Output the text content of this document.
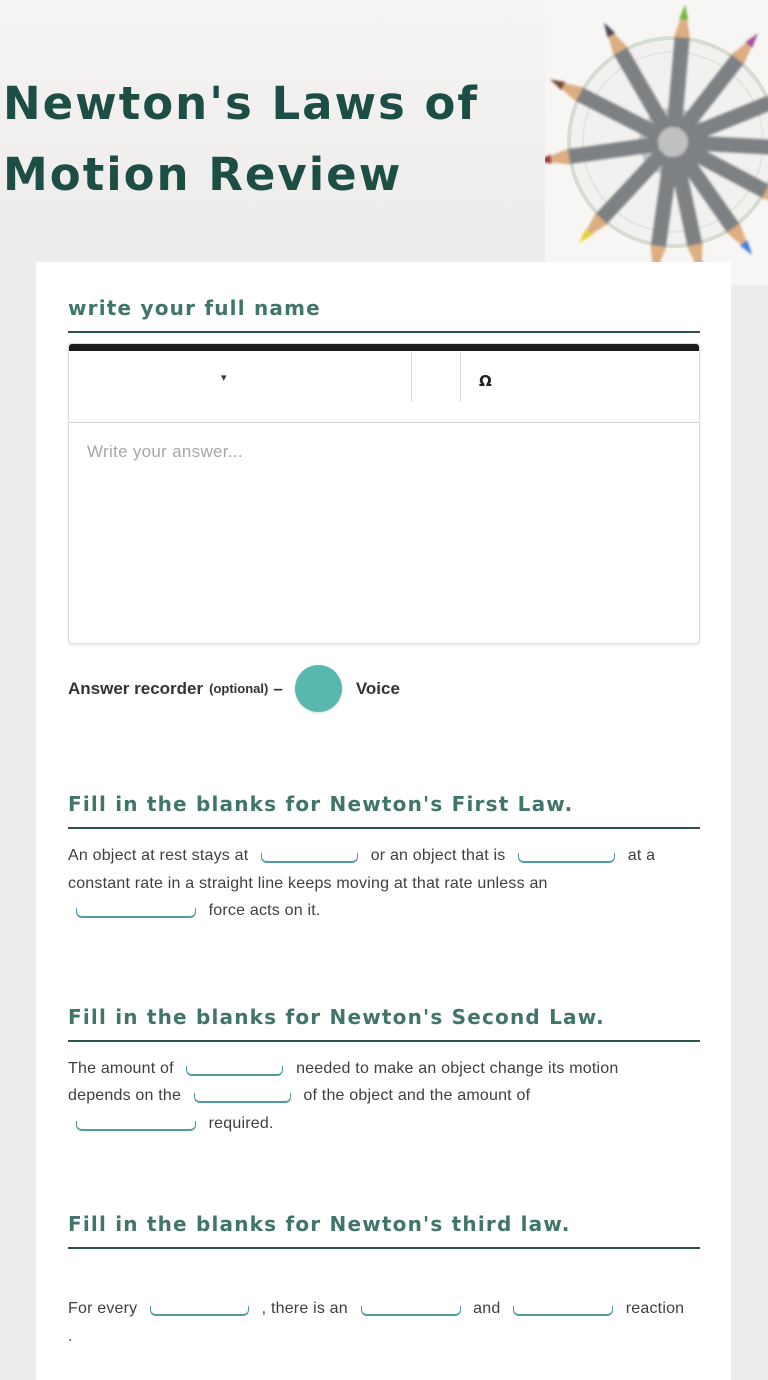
Newton's Laws of
Motion Review
write your full name
▾	Ω
Write your answer...
Answer recorder (optional) –	Voice
Fill in the blanks for Newton's First Law.

An object at rest stays at	or an object that is	at a
constant rate in a straight line keeps moving at that rate unless an
force acts on it.

Fill in the blanks for Newton's Second Law.

The amount of	needed to make an object change its motion
depends on the	of the object and the amount of
required.

Fill in the blanks for Newton's third law.

For every	, there is an	and	reaction
.
